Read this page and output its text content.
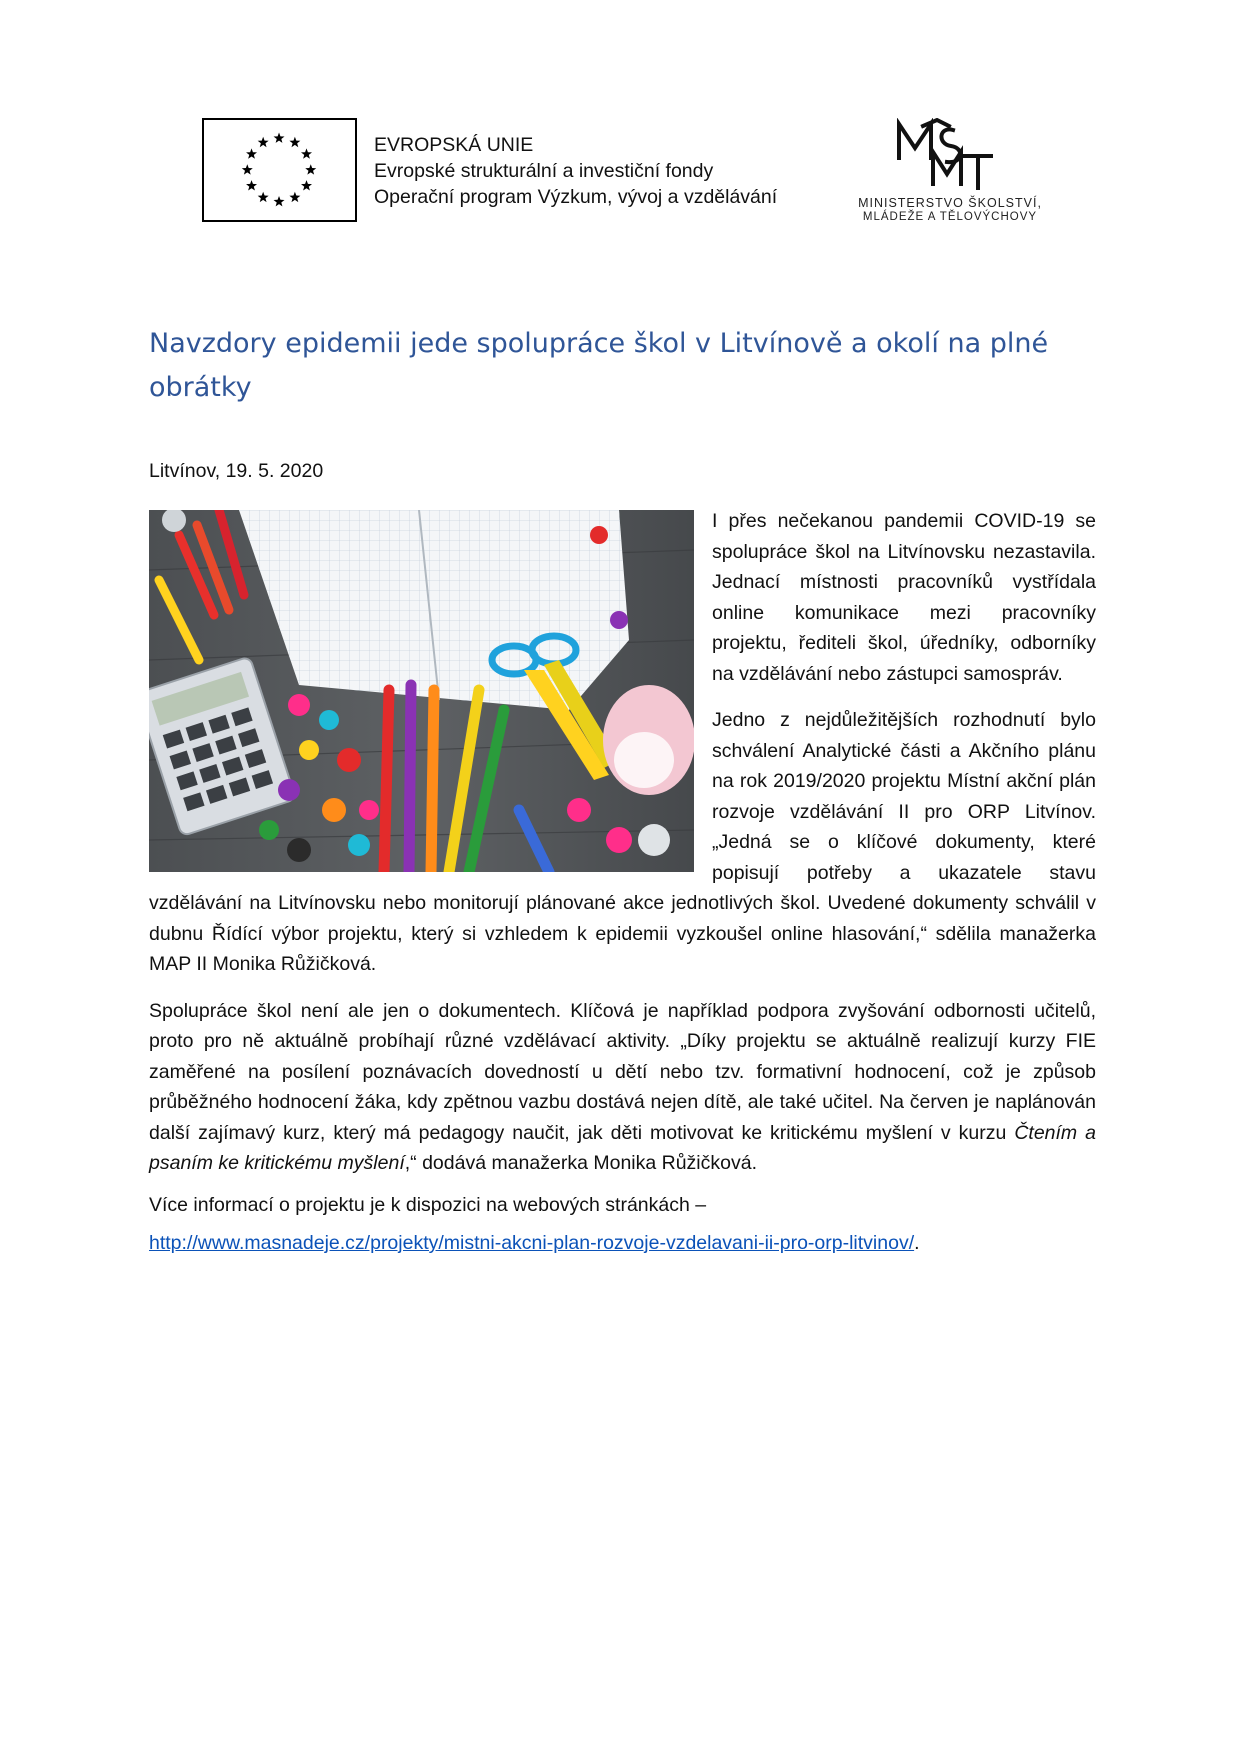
EVROPSKÁ UNIE
Evropské strukturální a investiční fondy
Operační program Výzkum, vývoj a vzdělávání	MINISTERSTVO ŠKOLSTVÍ,
MLÁDEŽE A TĚLOVÝCHOVY
Navzdory epidemii jede spolupráce škol v Litvínově a okolí na plné obrátky

Litvínov, 19. 5. 2020

I přes nečekanou pandemii COVID-19 se spolupráce škol na Litvínovsku nezastavila. Jednací místnosti pracovníků vystřídala online komunikace mezi pracovníky projektu, řediteli škol, úředníky, odborníky na vzdělávání nebo zástupci samospráv.

Jedno z nejdůležitějších rozhodnutí bylo schválení Analytické části a Akčního plánu na rok 2019/2020 projektu Místní akční plán rozvoje vzdělávání II pro ORP Litvínov. „Jedná se o klíčové dokumenty, které popisují potřeby a ukazatele stavu vzdělávání na Litvínovsku nebo monitorují plánované akce jednotlivých škol. Uvedené dokumenty schválil v dubnu Řídící výbor projektu, který si vzhledem k epidemii vyzkoušel online hlasování,“ sdělila manažerka MAP II Monika Růžičková.

Spolupráce škol není ale jen o dokumentech. Klíčová je například podpora zvyšování odbornosti učitelů, proto pro ně aktuálně probíhají různé vzdělávací aktivity. „Díky projektu se aktuálně realizují kurzy FIE zaměřené na posílení poznávacích dovedností u dětí nebo tzv. formativní hodnocení, což je způsob průběžného hodnocení žáka, kdy zpětnou vazbu dostává nejen dítě, ale také učitel. Na červen je naplánován další zajímavý kurz, který má pedagogy naučit, jak děti motivovat ke kritickému myšlení v kurzu Čtením a psaním ke kritickému myšlení,“ dodává manažerka Monika Růžičková.

Více informací o projektu je k dispozici na webových stránkách –

http://www.masnadeje.cz/projekty/mistni-akcni-plan-rozvoje-vzdelavani-ii-pro-orp-litvinov/.
